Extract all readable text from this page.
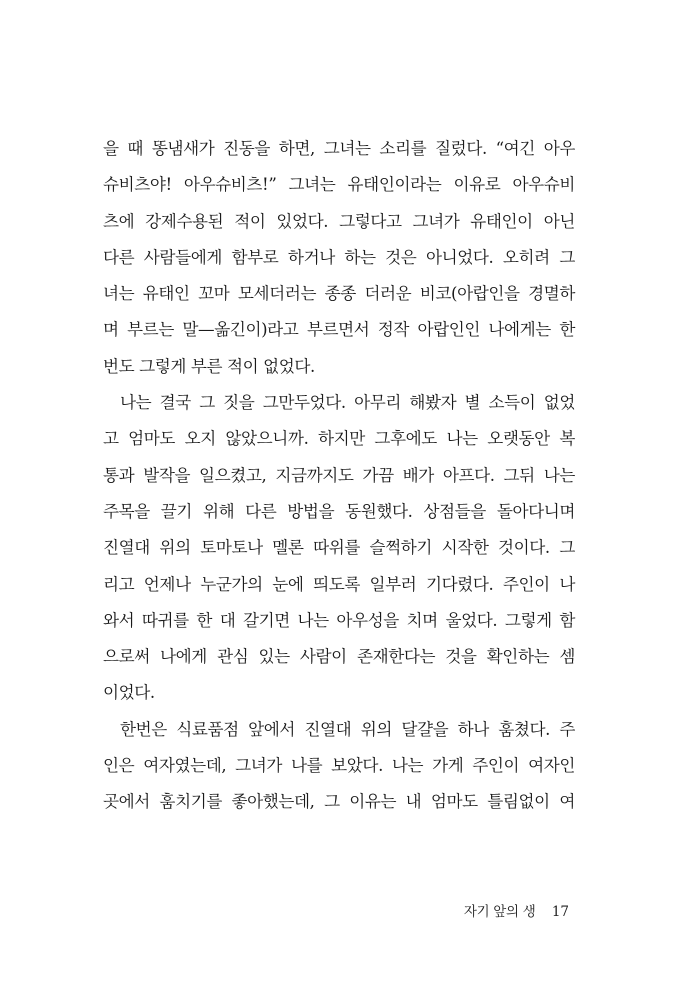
을 때 똥냄새가 진동을 하면, 그녀는 소리를 질렀다. “여긴 아우
슈비츠야! 아우슈비츠!” 그녀는 유태인이라는 이유로 아우슈비
츠에 강제수용된 적이 있었다. 그렇다고 그녀가 유태인이 아닌
다른 사람들에게 함부로 하거나 하는 것은 아니었다. 오히려 그
녀는 유태인 꼬마 모세더러는 종종 더러운 비코(아랍인을 경멸하
며 부르는 말—옮긴이)라고 부르면서 정작 아랍인인 나에게는 한
번도 그렇게 부른 적이 없었다.
나는 결국 그 짓을 그만두었다. 아무리 해봤자 별 소득이 없었
고 엄마도 오지 않았으니까. 하지만 그후에도 나는 오랫동안 복
통과 발작을 일으켰고, 지금까지도 가끔 배가 아프다. 그뒤 나는
주목을 끌기 위해 다른 방법을 동원했다. 상점들을 돌아다니며
진열대 위의 토마토나 멜론 따위를 슬쩍하기 시작한 것이다. 그
리고 언제나 누군가의 눈에 띄도록 일부러 기다렸다. 주인이 나
와서 따귀를 한 대 갈기면 나는 아우성을 치며 울었다. 그렇게 함
으로써 나에게 관심 있는 사람이 존재한다는 것을 확인하는 셈
이었다.
한번은 식료품점 앞에서 진열대 위의 달걀을 하나 훔쳤다. 주
인은 여자였는데, 그녀가 나를 보았다. 나는 가게 주인이 여자인
곳에서 훔치기를 좋아했는데, 그 이유는 내 엄마도 틀림없이 여
자기 앞의 생 17
